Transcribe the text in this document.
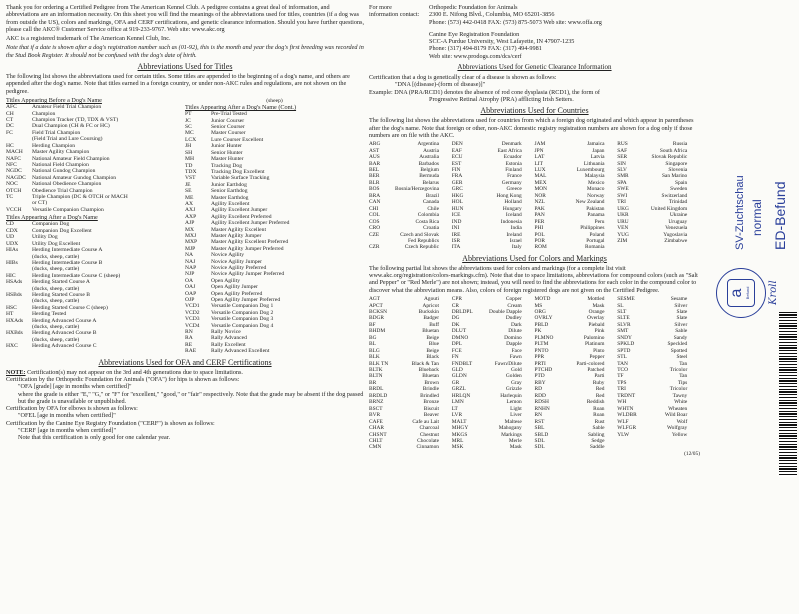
Thank you for ordering a Certified Pedigree from The American Kennel Club. A pedigree contains a great deal of information, and abbreviations are an information necessity. On this sheet you will find the meanings of the abbreviations used for titles, countries (if a dog was from outside the US), colors and markings, OFA and CERF certifications, and genetic clearance information. Should you have further questions, please call the AKC® Customer Service office at 919-233-9767. Web site: www.akc.org

AKC is a registered trademark of The American Kennel Club, Inc.

Note that if a date is shown after a dog's registration number such as (01-92), this is the month and year the dog's first breeding was recorded in the Stud Book Register. It should not be confused with the dog's date of birth.

Abbreviations Used for Titles

The following list shows the abbreviations used for certain titles. Some titles are appended to the beginning of a dog's name, and others are appended after the dog's name. Note that titles earned in a foreign country, or under non-AKC rules and regulations, are not shown on the pedigree.

Titles Appearing Before a Dog's Name
AFC	Amateur Field Trial Champion
CH	Champion
CT	Champion Tracker (TD, TDX & VST)
DC	Dual Champion (CH & FC or HC)
FC	Field Trial Champion
	(Field Trial and Lure Coursing)
HC	Herding Champion
MACH	Master Agility Champion
NAFC	National Amateur Field Champion
NFC	National Field Champion
NGDC	National Gundog Champion
NAGDC	National Amateur Gundog Champion
NOC	National Obedience Champion
OTCH	Obedience Trial Champion
TC	Triple Champion (DC & OTCH or MACH
	or CT)
VCCH	Versatile Companion Champion
Titles Appearing After a Dog's Name
CD	Companion Dog
CDX	Companion Dog Excellent
UD	Utility Dog
UDX	Utility Dog Excellent
HIAs	Herding Intermediate Course A
	(ducks, sheep, cattle)
HIBs	Herding Intermediate Course B
	(ducks, sheep, cattle)
HIC	Herding Intermediate Course C (sheep)
HSAds	Herding Started Course A
	(ducks, sheep, cattle)
HSBds	Herding Started Course B
	(ducks, sheep, cattle)
HSC	Herding Started Course C (sheep)
HT	Herding Tested
HXAds	Herding Advanced Course A
	(ducks, sheep, cattle)
HXBds	Herding Advanced Course B
	(ducks, sheep, cattle)
HXC	Herding Advanced Course C
(sheep)
Titles Appearing After a Dog's Name (Cont.)
PT	Pre-Trial Tested
JC	Junior Courser
SC	Senior Courser
MC	Master Courser
LCX	Lure Courser Excellent
JH	Junior Hunter
SH	Senior Hunter
MH	Master Hunter
TD	Tracking Dog
TDX	Tracking Dog Excellent
VST	Variable Surface Tracking
JE	Junior Earthdog
SE	Senior Earthdog
ME	Master Earthdog
AX	Agility Excellent
AXJ	Agility Excellent Jumper
AXP	Agility Excellent Preferred
AJP	Agility Excellent Jumper Preferred
MX	Master Agility Excellent
MXJ	Master Agility Jumper
MXP	Master Agility Excellent Preferred
MJP	Master Agility Jumper Preferred
NA	Novice Agility
NAJ	Novice Agility Jumper
NAP	Novice Agility Preferred
NJP	Novice Agility Jumper Preferred
OA	Open Agility
OAJ	Open Agility Jumper
OAP	Open Agility Preferred
OJP	Open Agility Jumper Preferred
VCD1	Versatile Companion Dog 1
VCD2	Versatile Companion Dog 2
VCD3	Versatile Companion Dog 3
VCD4	Versatile Companion Dog 4
RN	Rally Novice
RA	Rally Advanced
RE	Rally Excellent
RAE	Rally Advanced Excellent
Abbreviations Used for OFA and CERF Certifications

NOTE: Certification(s) may not appear on the 3rd and 4th generations due to space limitations.

Certification by the Orthopedic Foundation for Animals ("OFA") for hips is shown as follows:
"OFA [grade] [age in months when certified]"
where the grade is either "E," "G," or "F" for "excellent," "good," or "fair" respectively. Note that the grade may be absent if the dog passed but the grade is unavailable or unpublished.
Certification by OFA for elbows is shown as follows:
"OFEL [age in months when certified]"
Certification by the Canine Eye Registry Foundation ("CERF") is shown as follows:
"CERF [age in months when certified]"
Note that this certification is only good for one calendar year.
For more information contact:
Orthopedic Foundation for Animals
2300 E. Nifong Blvd., Columbia, MO 65201-3856
Phone: (573) 442-0418 FAX: (573) 875-5073 Web site: www.offa.org
Canine Eye Registration Foundation
SCC-A Purdue University, West Lafayette, IN 47907-1235
Phone: (317) 494-8179 FAX: (317) 494-9981
Web site: www.prodogs.com/dcs/cerf
Abbreviations Used for Genetic Clearance Information
Certification that a dog is genetically clear of a disease is shown as follows:
"DNA [(disease)-(form of disease)]"
Example: DNA (PRA/RCD1) denotes the absence of rod cone dysplasia (RCD1), the form of
Progressive Retinal Atrophy (PRA) afflicting Irish Setters.
Abbreviations Used for Countries

The following list shows the abbreviations used for countries from which a foreign dog originated and which appear in parentheses after the dog's name. Note that foreign or other, non-AKC domestic registry registration numbers are shown for a dog only if those numbers are on file with the AKC.

ARG Argentina	DEN Denmark	JAM Jamaica	RUS Russia
AST Austria	EAF East Africa	JPN Japan	SAF South Africa
AUS Australia	ECU Ecuador	LAT Latvia	SER Slovak Republic
BAR Barbados	EST Estonia	LIT Lithuania	SIN Singapore
BEL Belgium	FIN Finland	LUX Luxembourg	SLV Slovenia
BER Bermuda	FRA France	MAL Malaysia	SMR San Marino
BLR Belarus	GER Germany	MEX Mexico	SPA Spain
BOS Bosnia/Herzegovina	GRC Greece	MON Monaco	SWE Sweden
BRA Brazil	HKG Hong Kong	NOR Norway	SWI Switzerland
CAN Canada	HOL Holland	NZL New Zealand	TRI Trinidad
CHI Chile	HUN Hungary	PAK Pakistan	UKG United Kingdom
COL Colombia	ICE Iceland	PAN Panama	UKR Ukraine
COS Costa Rica	IND Indonesia	PER Peru	URU Uruguay
CRO Croatia	INI India	PHI Philippines	VEN Venezuela
CZE Czech and Slovak	IRE Ireland	POL Poland	YUG Yugoslavia
Fed Republics	ISR Israel	POR Portugal	ZIM Zimbabwe
CZR Czech Republic	ITA Italy	ROM Romania	
Abbreviations Used for Colors and Markings

The following partial list shows the abbreviations used for colors and markings (for a complete list visit www.akc.org/registration/colors-markings.cfm). Note that due to space limitations, abbreviations for compound colors (such as "Salt and Pepper" or "Red Merle") are not shown; instead, you will need to find the abbreviations for each color in the compound color to discover what the abbreviation means. Also, colors of foreign registered dogs are not given on the Certified Pedigree.

AGT Agouti	CPR Copper	MOTD Mottled	SESME Sesame
APCT Apricot	CR Cream	MS Mask	SL Silver
BCKSN Buckskin	DBLDPL Double Dapple	ORG Orange	SLT Slate
BDGR Badger	DG Dudley	OVRLY Overlay	SLTE Slate
BF Buff	DK Dark	PBLD Piebald	SLVR Silver
BHDM Bluetan	DLUT Dilute	PK Pink	SMT Sable
BG Beige	DMNO Domino	PLMNO Palomino	SNDY Sandy
BL Blue	DPL Dapple	PLTM Platinum	SPKLD Speckled
BLG Beige	FCE Face	PNTO Pinto	SPTD Spotted
BLK Black	FN Fawn	PPR Pepper	STL Steel
BLK TN Black & Tan	FNDBLT Fawn/Dilute	PRTI Parti-colored	TAN Tan
BLTK Blueback	GLD Gold	PTCHD Patched	TCO Tricolor
BLTN Bluetan	GLDN Golden	PTD Parti	TF Tan
BR Brown	GR Gray	RBY Ruby	TPS Tips
BRDL Brindle	GRZL Grizzle	RD Red	TRI Tricolor
BRDLD Brindled	HRLQN Harlequin	RDD Red	TRDNT Tawny
BRNZ Bronze	LMN Lemon	RDSH Reddish	WH White
BSCT Biscuit	LT Light	RNHN Roan	WHTN Wheaten
BVR Beaver	LVR Liver	RN Roan	WLDBR Wild Boar
CAFE Cafe au Lait	MALT Maltese	RST Rust	WLF Wolf
CHAR Charcoal	MHGY Mahogany	SBL Sable	WLFGR Wolfgray
CHSNT Chestnut	MKGS Markings	SBLD Sabling	YLW Yellow
CHLT Chocolate	MRL Merle	SDL Sedge	
CMN Cinnamon	MSK Mask	SDL Saddle	
(12/05)
ED-Befund
normal
SV-Zuchtschau
a Befund Kroll
